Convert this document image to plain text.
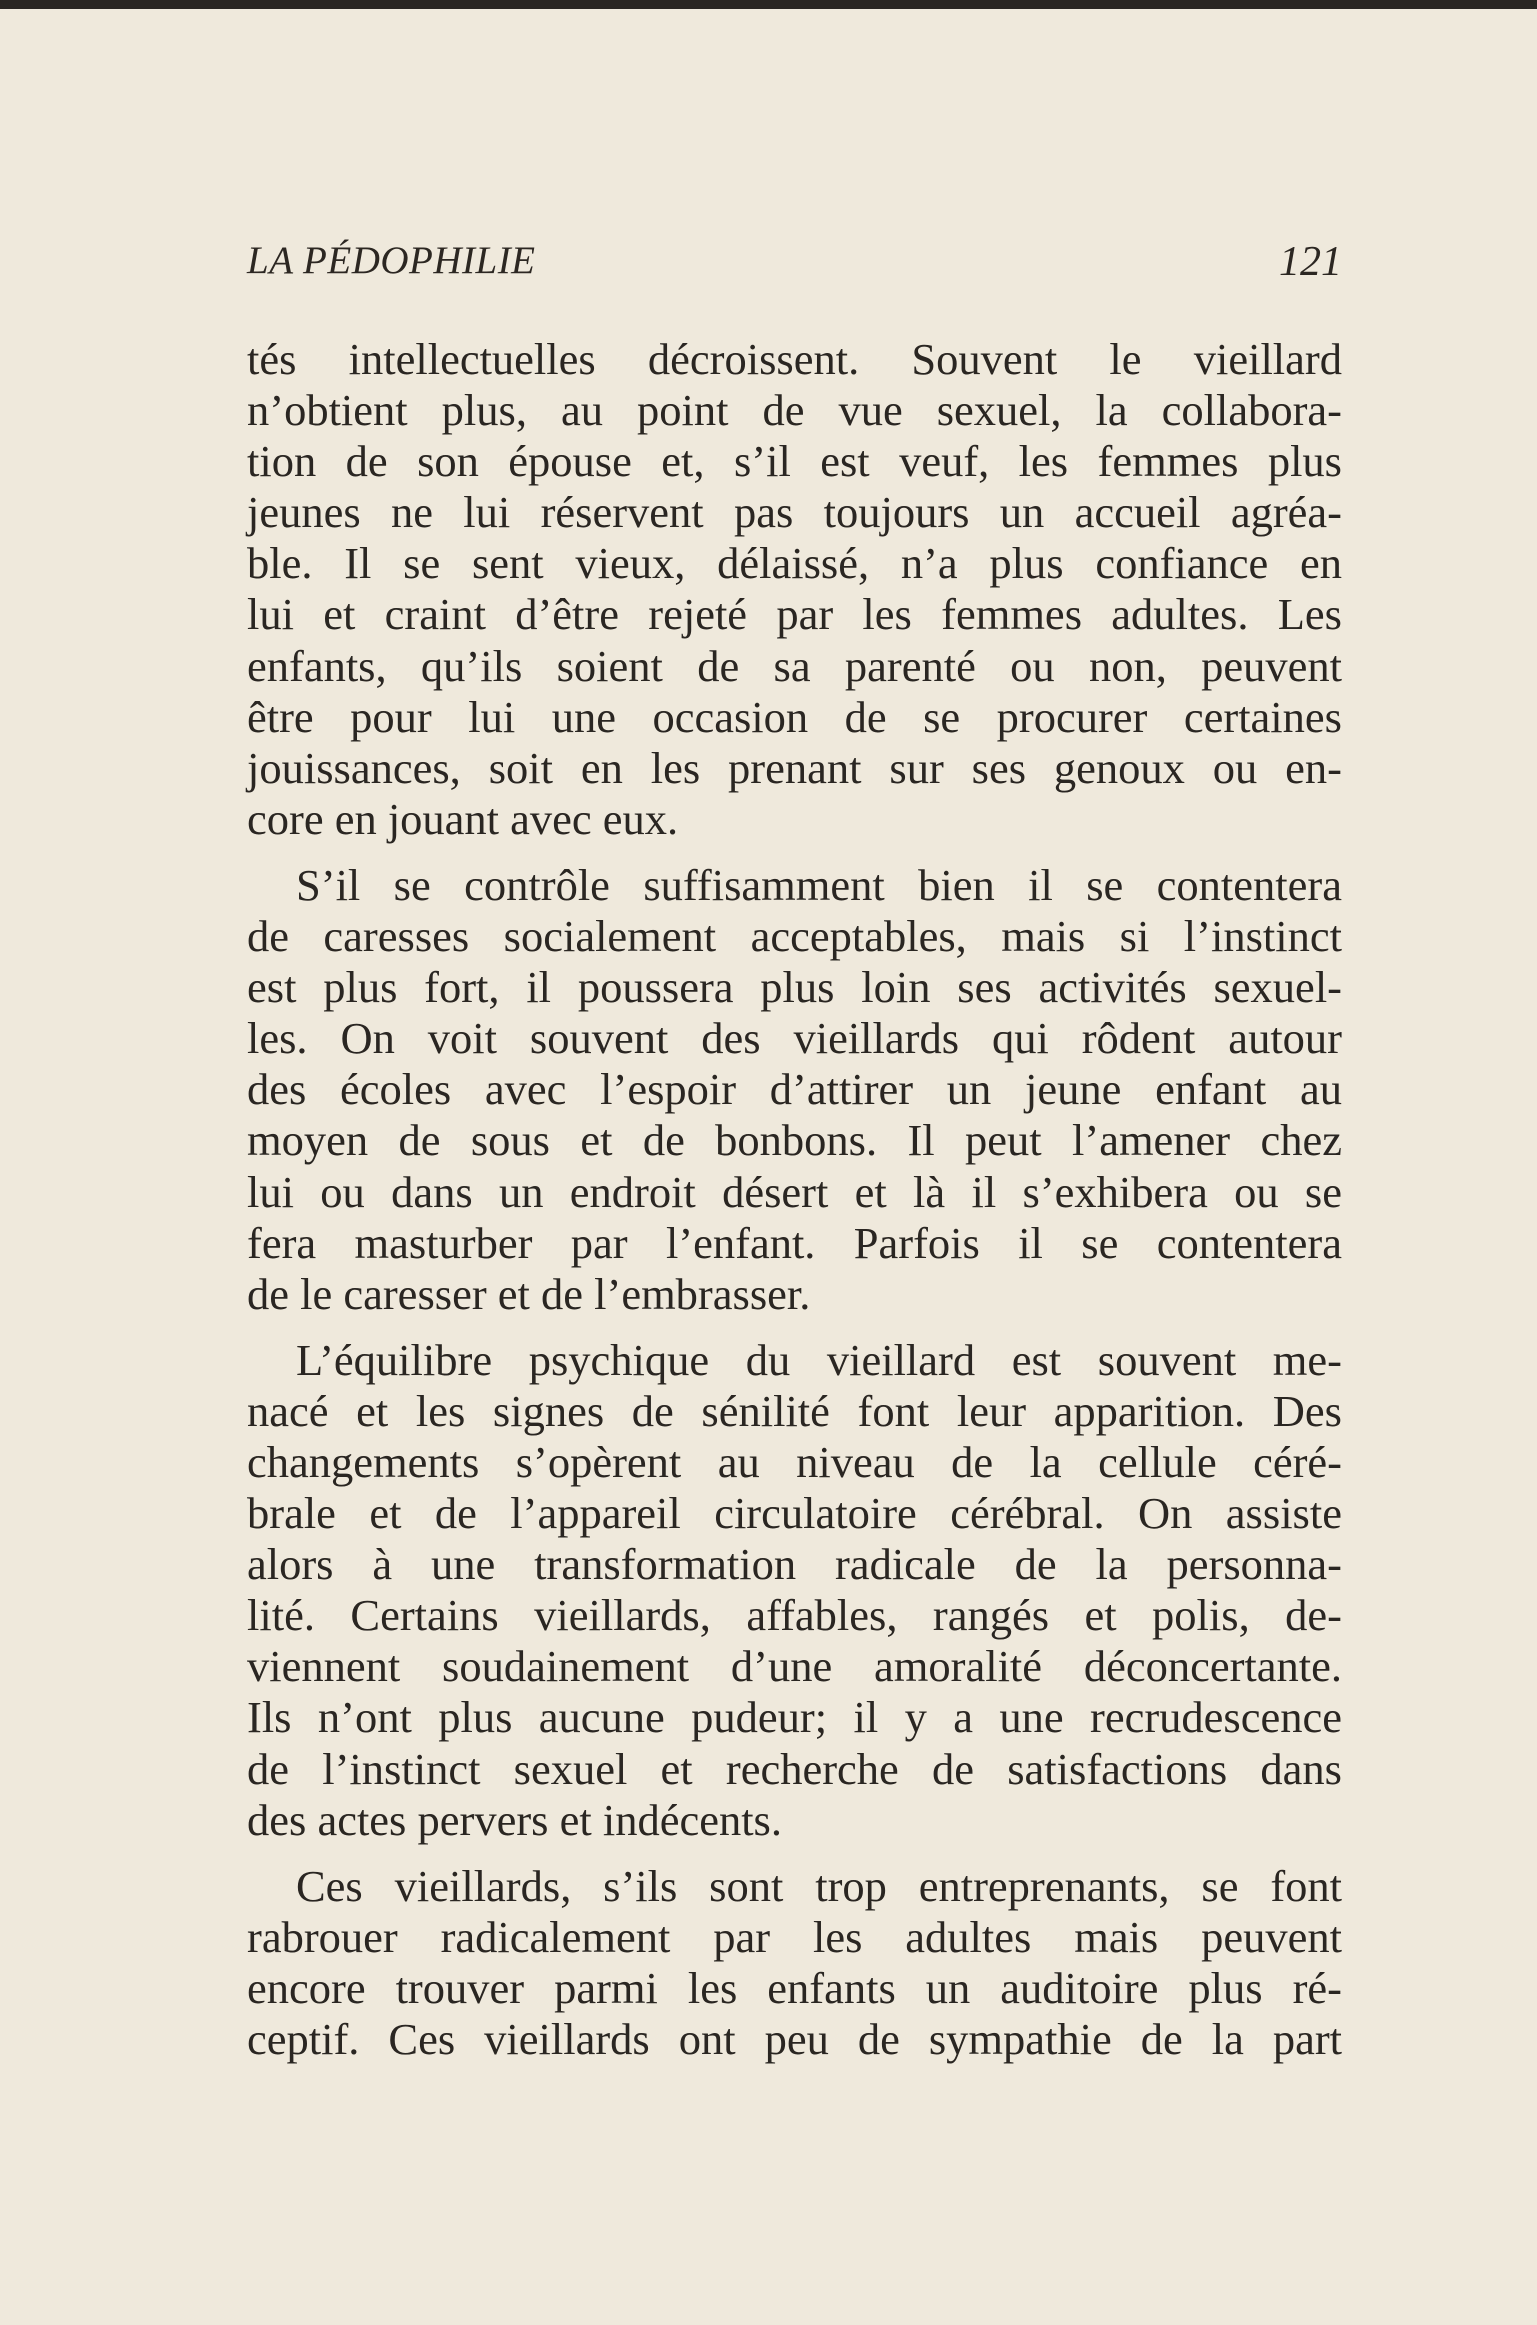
LA PÉDOPHILIE	121
tés intellectuelles décroissent. Souvent le vieillard
n’obtient plus, au point de vue sexuel, la collabora-
tion de son épouse et, s’il est veuf, les femmes plus
jeunes ne lui réservent pas toujours un accueil agréa-
ble. Il se sent vieux, délaissé, n’a plus confiance en
lui et craint d’être rejeté par les femmes adultes. Les
enfants, qu’ils soient de sa parenté ou non, peuvent
être pour lui une occasion de se procurer certaines
jouissances, soit en les prenant sur ses genoux ou en-
core en jouant avec eux.
S’il se contrôle suffisamment bien il se contentera
de caresses socialement acceptables, mais si l’instinct
est plus fort, il poussera plus loin ses activités sexuel-
les. On voit souvent des vieillards qui rôdent autour
des écoles avec l’espoir d’attirer un jeune enfant au
moyen de sous et de bonbons. Il peut l’amener chez
lui ou dans un endroit désert et là il s’exhibera ou se
fera masturber par l’enfant. Parfois il se contentera
de le caresser et de l’embrasser.
L’équilibre psychique du vieillard est souvent me-
nacé et les signes de sénilité font leur apparition. Des
changements s’opèrent au niveau de la cellule céré-
brale et de l’appareil circulatoire cérébral. On assiste
alors à une transformation radicale de la personna-
lité. Certains vieillards, affables, rangés et polis, de-
viennent soudainement d’une amoralité déconcertante.
Ils n’ont plus aucune pudeur; il y a une recrudescence
de l’instinct sexuel et recherche de satisfactions dans
des actes pervers et indécents.
Ces vieillards, s’ils sont trop entreprenants, se font
rabrouer radicalement par les adultes mais peuvent
encore trouver parmi les enfants un auditoire plus ré-
ceptif. Ces vieillards ont peu de sympathie de la part
